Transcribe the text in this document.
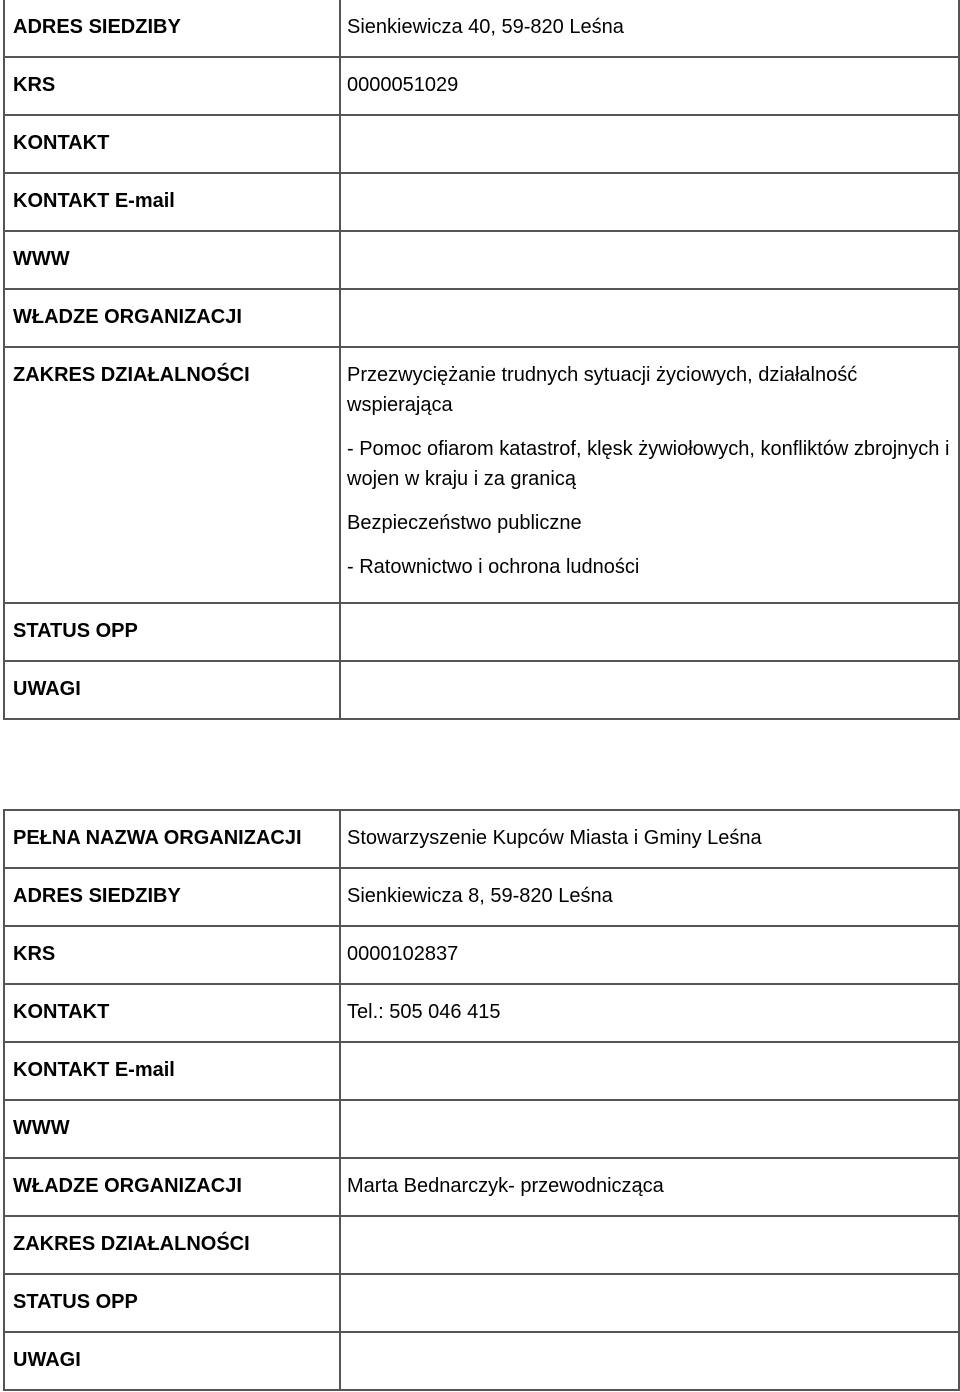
ADRES SIEDZIBY	Sienkiewicza 40, 59-820 Leśna

KRS	0000051029

KONTAKT	
KONTAKT E-mail	
WWW	
WŁADZE ORGANIZACJI	
ZAKRES DZIAŁALNOŚCI	Przezwyciężanie trudnych sytuacji życiowych, działalność wspierająca
- Pomoc ofiarom katastrof, klęsk żywiołowych, konfliktów zbrojnych i wojen w kraju i za granicą
Bezpieczeństwo publiczne
- Ratownictwo i ochrona ludności

STATUS OPP	
UWAGI	
PEŁNA NAZWA ORGANIZACJI	Stowarzyszenie Kupców Miasta i Gminy Leśna

ADRES SIEDZIBY	Sienkiewicza 8, 59-820 Leśna

KRS	0000102837

KONTAKT	Tel.: 505 046 415

KONTAKT E-mail	
WWW	
WŁADZE ORGANIZACJI	Marta Bednarczyk- przewodnicząca

ZAKRES DZIAŁALNOŚCI	
STATUS OPP	
UWAGI	
